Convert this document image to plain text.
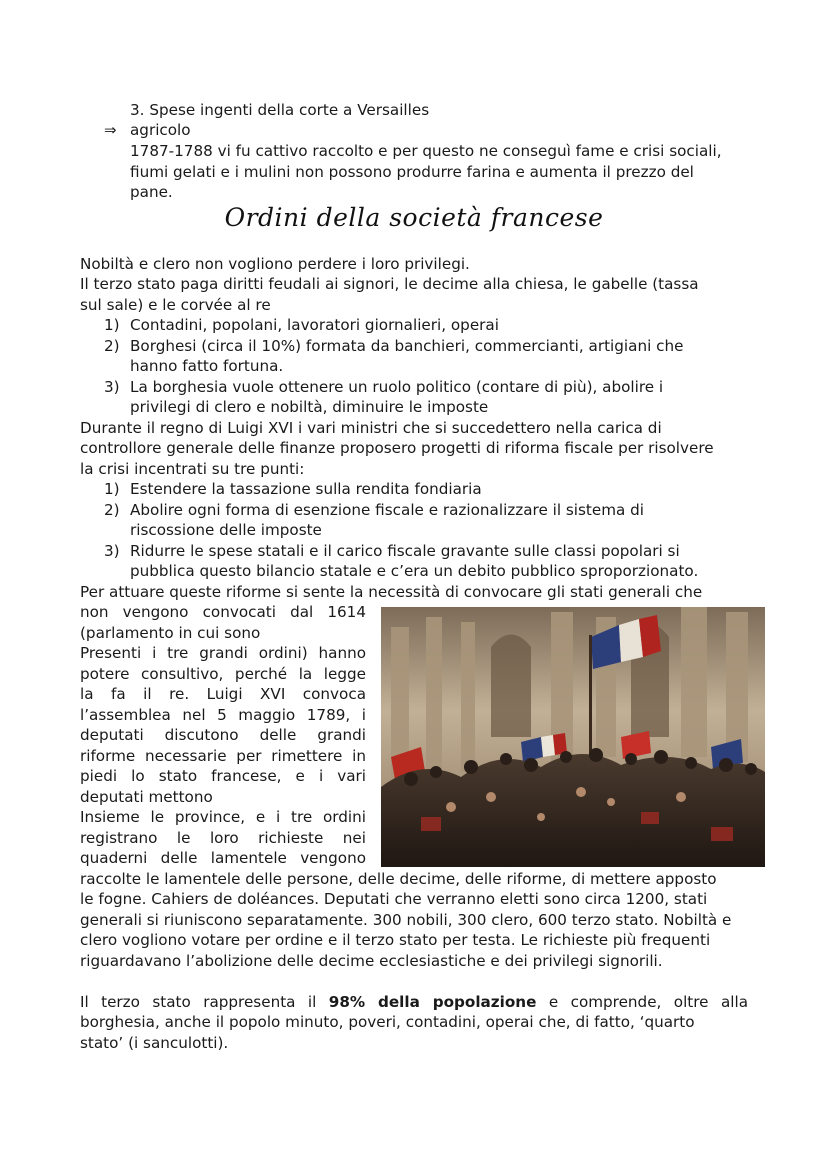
3. Spese ingenti della corte a Versailles
⇒ agricolo
1787-1788 vi fu cattivo raccolto e per questo ne conseguì fame e crisi sociali,
fiumi gelati e i mulini non possono produrre farina e aumenta il prezzo del
pane.
Ordini della società francese
Nobiltà e clero non vogliono perdere i loro privilegi.
Il terzo stato paga diritti feudali ai signori, le decime alla chiesa, le gabelle (tassa
sul sale) e le corvée al re
1) Contadini, popolani, lavoratori giornalieri, operai
2) Borghesi (circa il 10%) formata da banchieri, commercianti, artigiani che
hanno fatto fortuna.
3) La borghesia vuole ottenere un ruolo politico (contare di più), abolire i
privilegi di clero e nobiltà, diminuire le imposte
Durante il regno di Luigi XVI i vari ministri che si succedettero nella carica di
controllore generale delle finanze proposero progetti di riforma fiscale per risolvere
la crisi incentrati su tre punti:
1) Estendere la tassazione sulla rendita fondiaria
2) Abolire ogni forma di esenzione fiscale e razionalizzare il sistema di
riscossione delle imposte
3) Ridurre le spese statali e il carico fiscale gravante sulle classi popolari si
pubblica questo bilancio statale e c’era un debito pubblico sproporzionato.
Per attuare queste riforme si sente la necessità di convocare gli stati generali che
non vengono convocati dal 1614
(parlamento in cui sono
Presenti i tre grandi ordini) hanno
potere consultivo, perché la legge
la fa il re. Luigi XVI convoca
l’assemblea nel 5 maggio 1789, i
deputati discutono delle grandi
riforme necessarie per rimettere in
piedi lo stato francese, e i vari
deputati mettono
Insieme le province, e i tre ordini
registrano le loro richieste nei
quaderni delle lamentele vengono
raccolte le lamentele delle persone, delle decime, delle riforme, di mettere apposto
le fogne. Cahiers de doléances. Deputati che verranno eletti sono circa 1200, stati
generali si riuniscono separatamente. 300 nobili, 300 clero, 600 terzo stato. Nobiltà e
clero vogliono votare per ordine e il terzo stato per testa. Le richieste più frequenti
riguardavano l’abolizione delle decime ecclesiastiche e dei privilegi signorili.
Il terzo stato rappresenta il 98% della popolazione e comprende, oltre alla
borghesia, anche il popolo minuto, poveri, contadini, operai che, di fatto, ‘quarto
stato’ (i sanculotti).
